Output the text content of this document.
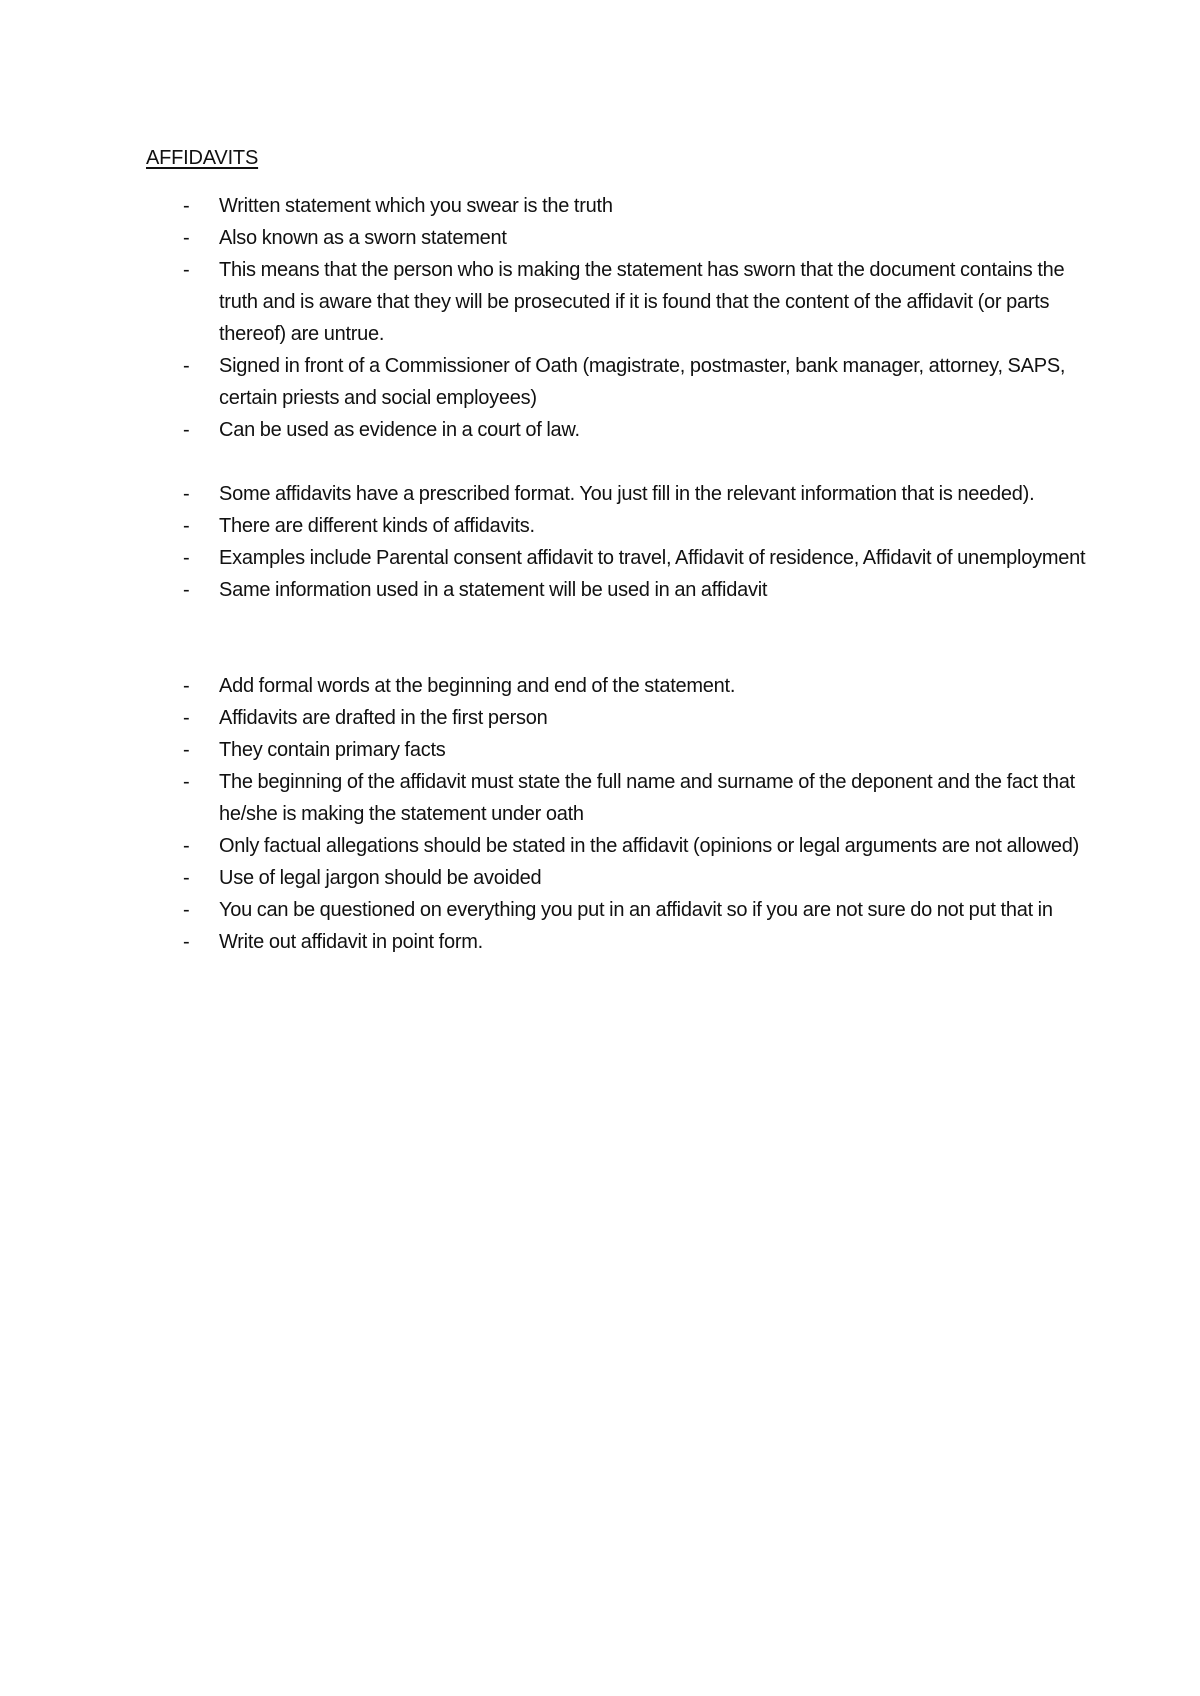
AFFIDAVITS
- Written statement which you swear is the truth
- Also known as a sworn statement
- This means that the person who is making the statement has sworn that the document contains the truth and is aware that they will be prosecuted if it is found that the content of the affidavit (or parts thereof) are untrue.
- Signed in front of a Commissioner of Oath (magistrate, postmaster, bank manager, attorney, SAPS, certain priests and social employees)
- Can be used as evidence in a court of law.
- Some affidavits have a prescribed format. You just fill in the relevant information that is needed).
- There are different kinds of affidavits.
- Examples include Parental consent affidavit to travel, Affidavit of residence, Affidavit of unemployment
- Same information used in a statement will be used in an affidavit
- Add formal words at the beginning and end of the statement.
- Affidavits are drafted in the first person
- They contain primary facts
- The beginning of the affidavit must state the full name and surname of the deponent and the fact that he/she is making the statement under oath
- Only factual allegations should be stated in the affidavit (opinions or legal arguments are not allowed)
- Use of legal jargon should be avoided
- You can be questioned on everything you put in an affidavit so if you are not sure do not put that in
- Write out affidavit in point form.
